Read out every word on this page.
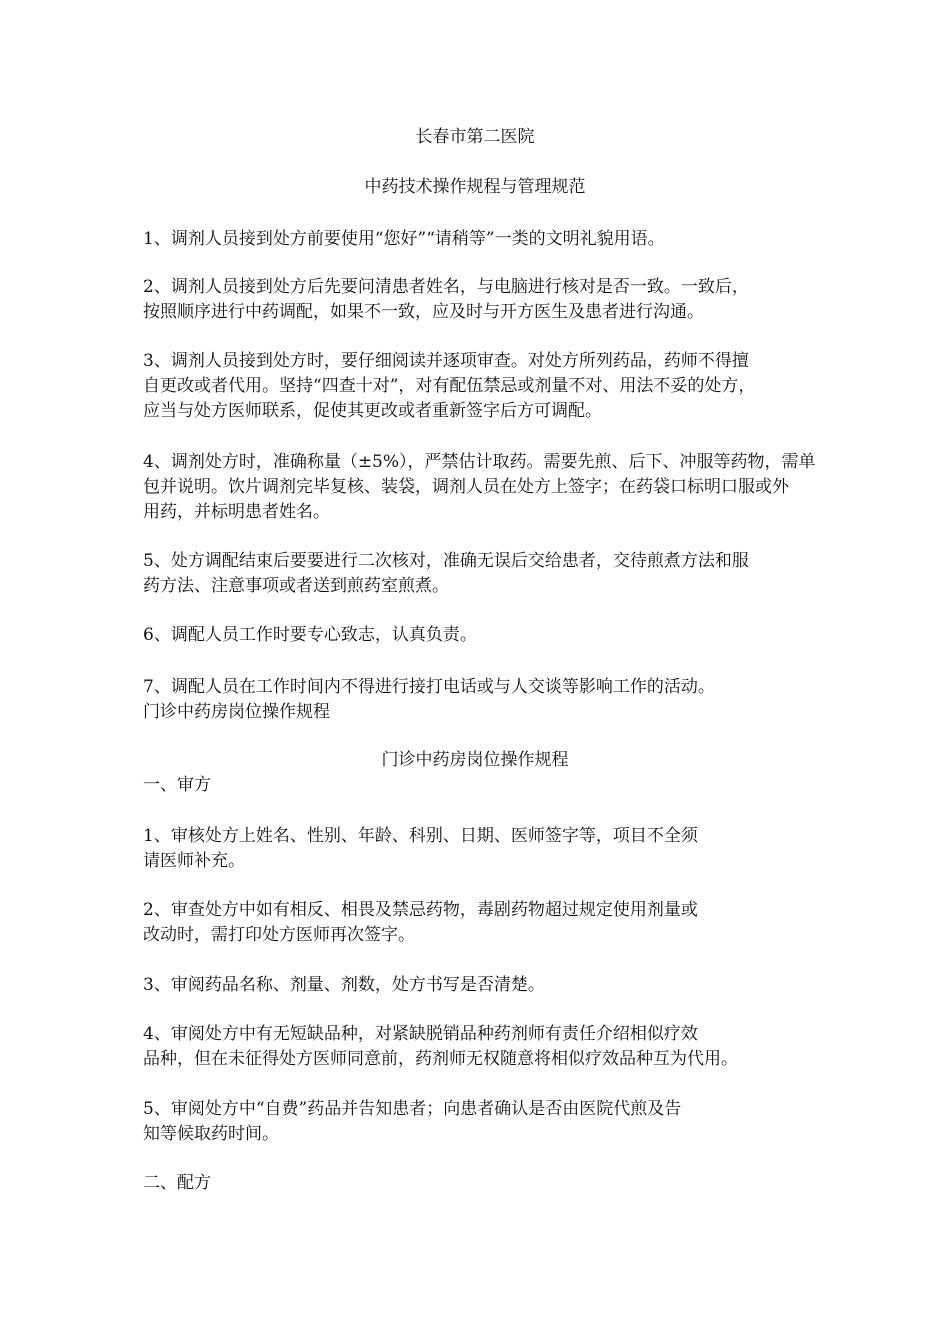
长春市第二医院
中药技术操作规程与管理规范
1、调剂人员接到处方前要使用“您好”“请稍等”一类的文明礼貌用语。
2、调剂人员接到处方后先要问清患者姓名，与电脑进行核对是否一致。一致后，
按照顺序进行中药调配，如果不一致，应及时与开方医生及患者进行沟通。
3、调剂人员接到处方时，要仔细阅读并逐项审查。对处方所列药品，药师不得擅
自更改或者代用。坚持“四查十对”，对有配伍禁忌或剂量不对、用法不妥的处方，
应当与处方医师联系，促使其更改或者重新签字后方可调配。
4、调剂处方时，准确称量（±5%），严禁估计取药。需要先煎、后下、冲服等药物，需单
包并说明。饮片调剂完毕复核、装袋，调剂人员在处方上签字；在药袋口标明口服或外
用药，并标明患者姓名。
5、处方调配结束后要要进行二次核对，准确无误后交给患者，交待煎煮方法和服
药方法、注意事项或者送到煎药室煎煮。
6、调配人员工作时要专心致志，认真负责。
7、调配人员在工作时间内不得进行接打电话或与人交谈等影响工作的活动。
门诊中药房岗位操作规程
门诊中药房岗位操作规程
一、审方
1、审核处方上姓名、性别、年龄、科别、日期、医师签字等，项目不全须
请医师补充。
2、审查处方中如有相反、相畏及禁忌药物，毒剧药物超过规定使用剂量或
改动时，需打印处方医师再次签字。
3、审阅药品名称、剂量、剂数，处方书写是否清楚。
4、审阅处方中有无短缺品种，对紧缺脱销品种药剂师有责任介绍相似疗效
品种，但在未征得处方医师同意前，药剂师无权随意将相似疗效品种互为代用。
5、审阅处方中“自费”药品并告知患者；向患者确认是否由医院代煎及告
知等候取药时间。
二、配方
